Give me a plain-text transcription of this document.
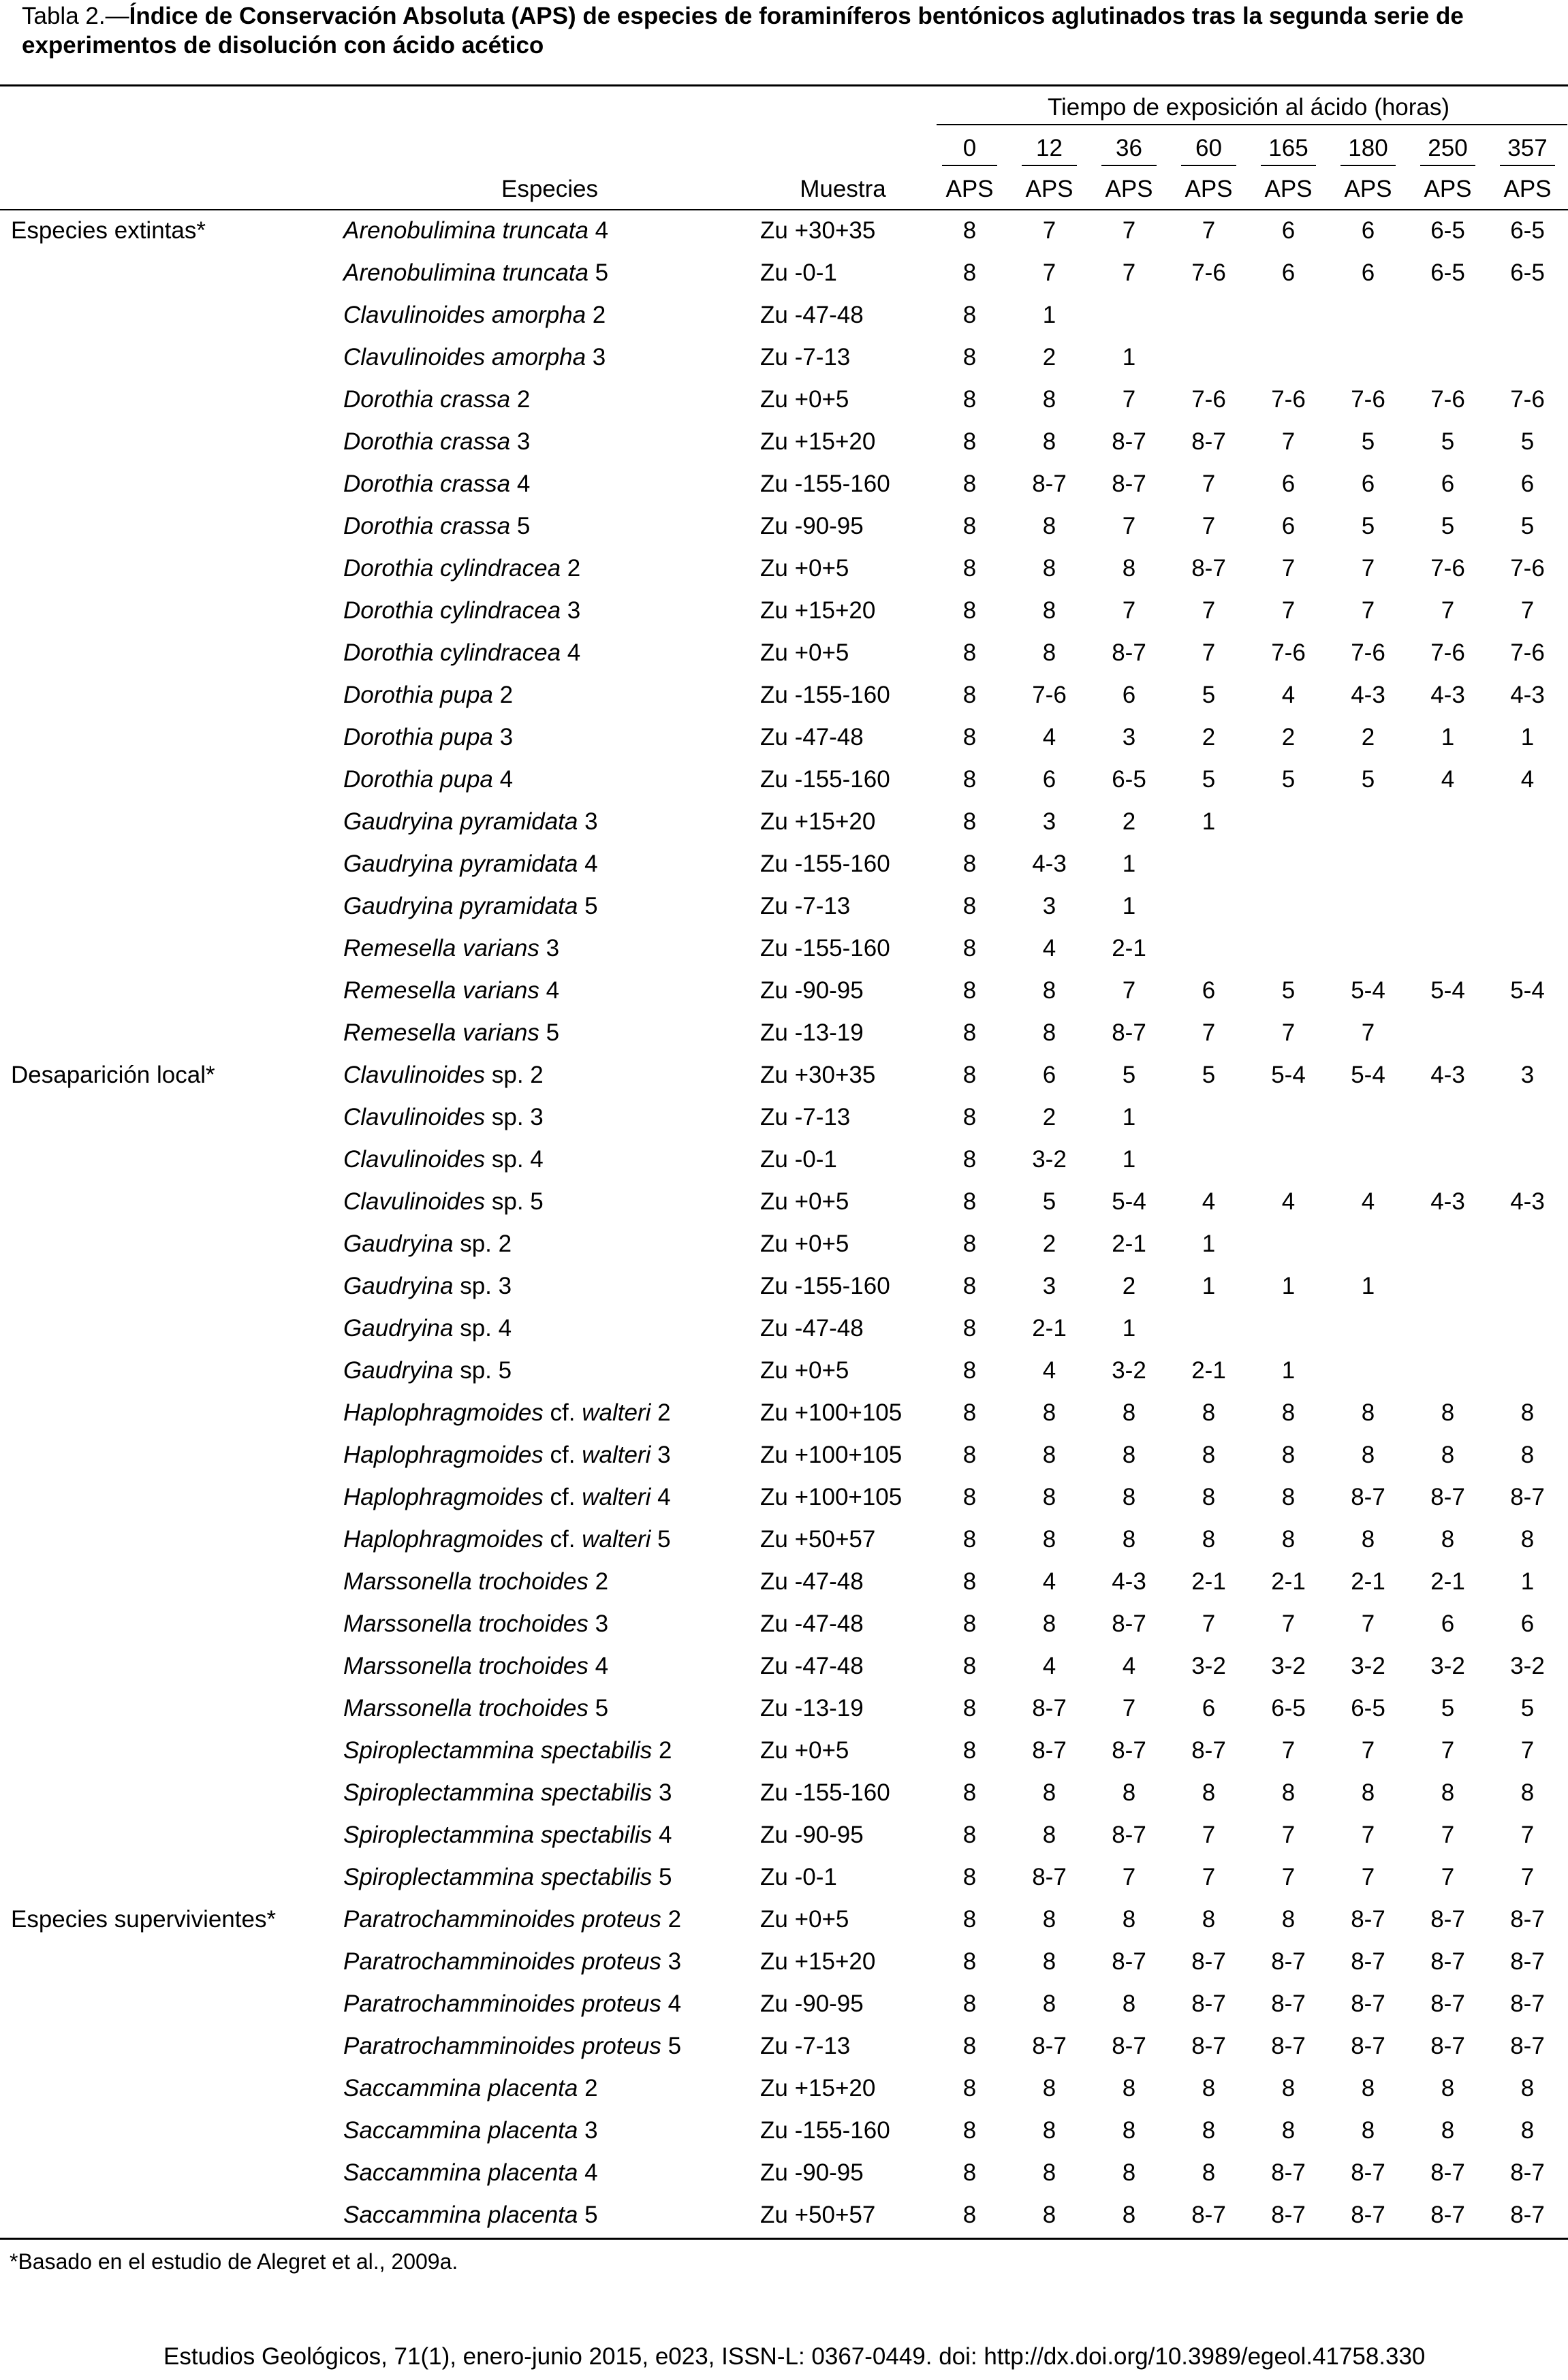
Tabla 2.—Índice de Conservación Absoluta (APS) de especies de foraminíferos bentónicos aglutinados tras la segunda serie de experimentos de disolución con ácido acético
			Tiempo de exposición al ácido (horas)							

			0	12	36	60	165	180	250	357

	Especies	Muestra	APS	APS	APS	APS	APS	APS	APS	APS
Especies extintas*	Arenobulimina truncata 4	Zu +30+35	8	7	7	7	6	6	6-5	6-5
	Arenobulimina truncata 5	Zu -0-1	8	7	7	7-6	6	6	6-5	6-5
	Clavulinoides amorpha 2	Zu -47-48	8	1						
	Clavulinoides amorpha 3	Zu -7-13	8	2	1					
	Dorothia crassa 2	Zu +0+5	8	8	7	7-6	7-6	7-6	7-6	7-6
	Dorothia crassa 3	Zu +15+20	8	8	8-7	8-7	7	5	5	5
	Dorothia crassa 4	Zu -155-160	8	8-7	8-7	7	6	6	6	6
	Dorothia crassa 5	Zu -90-95	8	8	7	7	6	5	5	5
	Dorothia cylindracea 2	Zu +0+5	8	8	8	8-7	7	7	7-6	7-6
	Dorothia cylindracea 3	Zu +15+20	8	8	7	7	7	7	7	7
	Dorothia cylindracea 4	Zu +0+5	8	8	8-7	7	7-6	7-6	7-6	7-6
	Dorothia pupa 2	Zu -155-160	8	7-6	6	5	4	4-3	4-3	4-3
	Dorothia pupa 3	Zu -47-48	8	4	3	2	2	2	1	1
	Dorothia pupa 4	Zu -155-160	8	6	6-5	5	5	5	4	4
	Gaudryina pyramidata 3	Zu +15+20	8	3	2	1				
	Gaudryina pyramidata 4	Zu -155-160	8	4-3	1					
	Gaudryina pyramidata 5	Zu -7-13	8	3	1					
	Remesella varians 3	Zu -155-160	8	4	2-1					
	Remesella varians 4	Zu -90-95	8	8	7	6	5	5-4	5-4	5-4
	Remesella varians 5	Zu -13-19	8	8	8-7	7	7	7		
Desaparición local*	Clavulinoides sp. 2	Zu +30+35	8	6	5	5	5-4	5-4	4-3	3
	Clavulinoides sp. 3	Zu -7-13	8	2	1					
	Clavulinoides sp. 4	Zu -0-1	8	3-2	1					
	Clavulinoides sp. 5	Zu +0+5	8	5	5-4	4	4	4	4-3	4-3
	Gaudryina sp. 2	Zu +0+5	8	2	2-1	1				
	Gaudryina sp. 3	Zu -155-160	8	3	2	1	1	1		
	Gaudryina sp. 4	Zu -47-48	8	2-1	1					
	Gaudryina sp. 5	Zu +0+5	8	4	3-2	2-1	1			
	Haplophragmoides cf. walteri 2	Zu +100+105	8	8	8	8	8	8	8	8
	Haplophragmoides cf. walteri 3	Zu +100+105	8	8	8	8	8	8	8	8
	Haplophragmoides cf. walteri 4	Zu +100+105	8	8	8	8	8	8-7	8-7	8-7
	Haplophragmoides cf. walteri 5	Zu +50+57	8	8	8	8	8	8	8	8
	Marssonella trochoides 2	Zu -47-48	8	4	4-3	2-1	2-1	2-1	2-1	1
	Marssonella trochoides 3	Zu -47-48	8	8	8-7	7	7	7	6	6
	Marssonella trochoides 4	Zu -47-48	8	4	4	3-2	3-2	3-2	3-2	3-2
	Marssonella trochoides 5	Zu -13-19	8	8-7	7	6	6-5	6-5	5	5
	Spiroplectammina spectabilis 2	Zu +0+5	8	8-7	8-7	8-7	7	7	7	7
	Spiroplectammina spectabilis 3	Zu -155-160	8	8	8	8	8	8	8	8
	Spiroplectammina spectabilis 4	Zu -90-95	8	8	8-7	7	7	7	7	7
	Spiroplectammina spectabilis 5	Zu -0-1	8	8-7	7	7	7	7	7	7
Especies supervivientes*	Paratrochamminoides proteus 2	Zu +0+5	8	8	8	8	8	8-7	8-7	8-7
	Paratrochamminoides proteus 3	Zu +15+20	8	8	8-7	8-7	8-7	8-7	8-7	8-7
	Paratrochamminoides proteus 4	Zu -90-95	8	8	8	8-7	8-7	8-7	8-7	8-7
	Paratrochamminoides proteus 5	Zu -7-13	8	8-7	8-7	8-7	8-7	8-7	8-7	8-7
	Saccammina placenta 2	Zu +15+20	8	8	8	8	8	8	8	8
	Saccammina placenta 3	Zu -155-160	8	8	8	8	8	8	8	8
	Saccammina placenta 4	Zu -90-95	8	8	8	8	8-7	8-7	8-7	8-7
	Saccammina placenta 5	Zu +50+57	8	8	8	8-7	8-7	8-7	8-7	8-7
*Basado en el estudio de Alegret et al., 2009a.
Estudios Geológicos, 71(1), enero-junio 2015, e023, ISSN-L: 0367-0449. doi: http://dx.doi.org/10.3989/egeol.41758.330
